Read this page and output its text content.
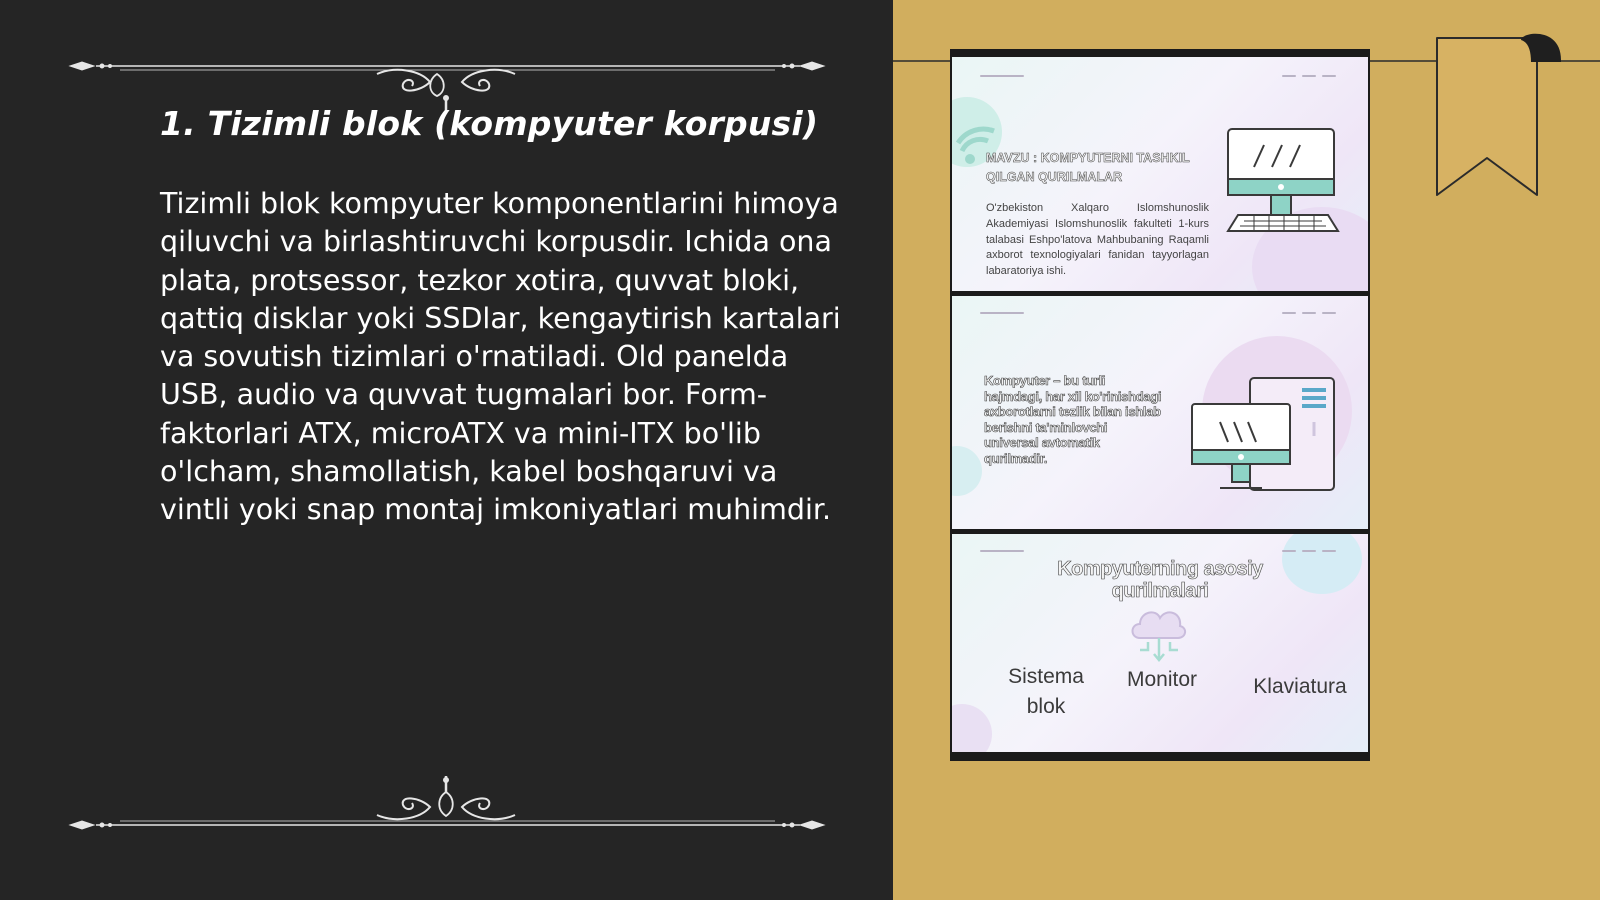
1. Tizimli blok (kompyuter korpusi)

Tizimli blok kompyuter komponentlarini himoya qiluvchi va birlashtiruvchi korpusdir. Ichida ona plata, protsessor, tezkor xotira, quvvat bloki, qattiq disklar yoki SSDlar, kengaytirish kartalari va sovutish tizimlari o'rnatiladi. Old panelda USB, audio va quvvat tugmalari bor. Form-faktorlari ATX, microATX va mini-ITX bo'lib o'lcham, shamollatish, kabel boshqaruvi va vintli yoki snap montaj imkoniyatlari muhimdir.

MAVZU : KOMPYUTERNI TASHKIL QILGAN QURILMALAR

O'zbekiston Xalqaro Islomshunoslik Akademiyasi Islomshunoslik fakulteti 1-kurs talabasi Eshpo'latova Mahbubaning Raqamli axborot texnologiyalari fanidan tayyorlagan labaratoriya ishi.

Kompyuter – bu turli hajmdagi, har xil ko'rinishdagi axborotlarni tezlik bilan ishlab berishni ta'minlovchi universal avtomatik qurilmadir.

Kompyuterning asosiy qurilmalari

Sistema blok
Monitor	Klaviatura
